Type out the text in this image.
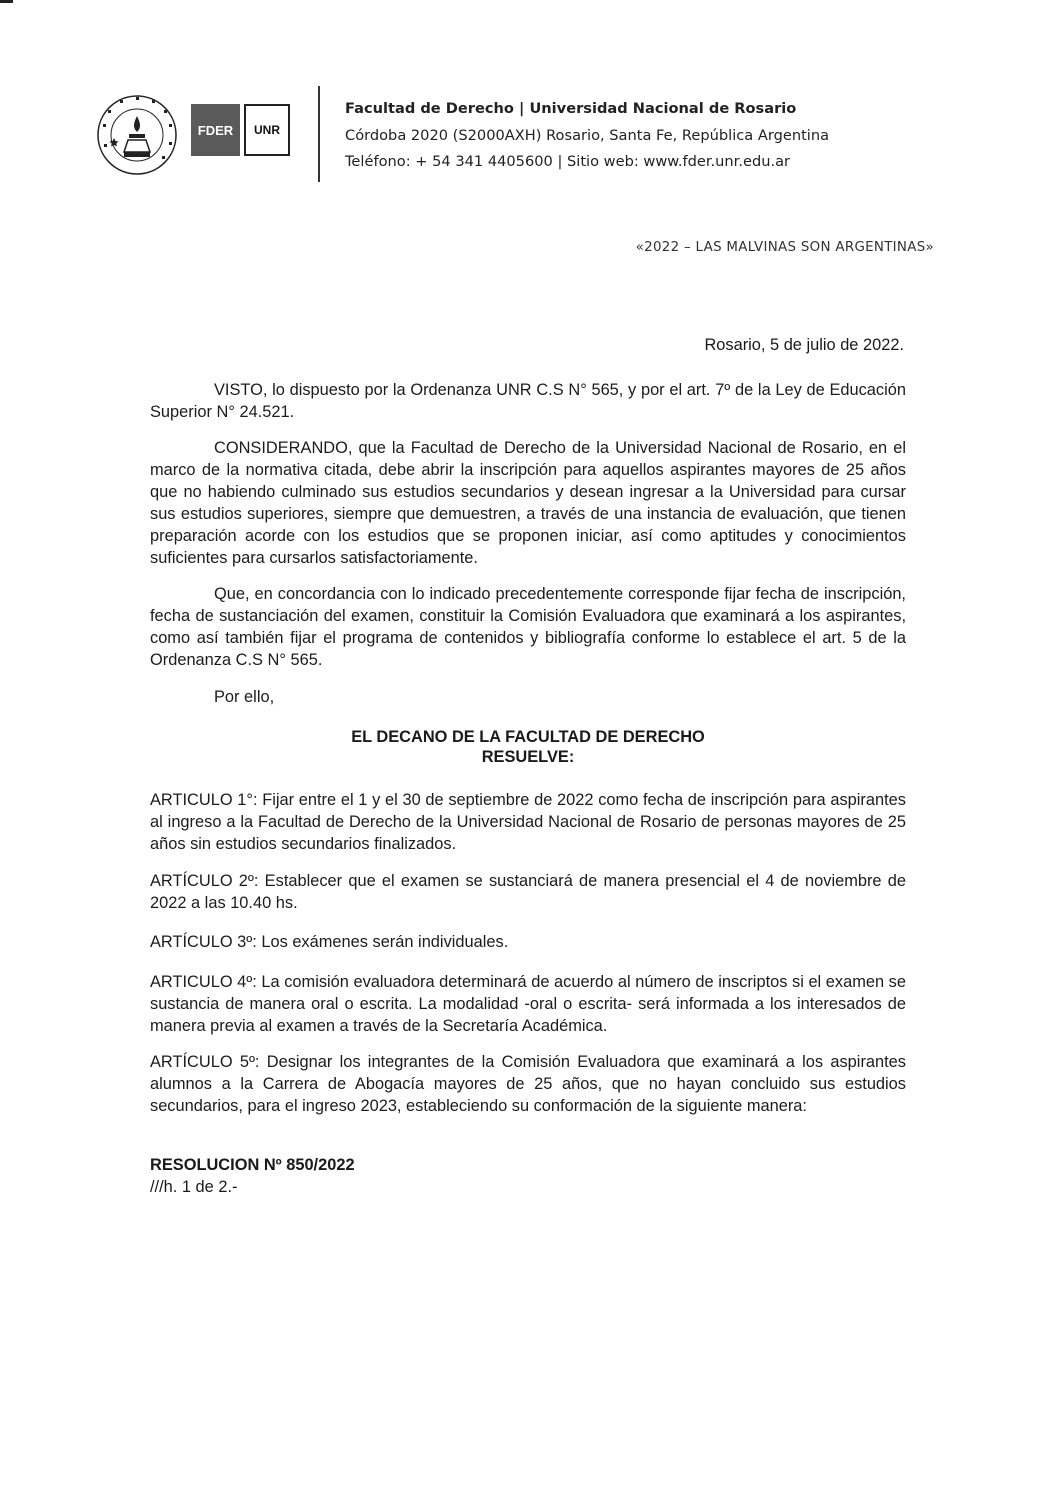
FDER UNR
Facultad de Derecho | Universidad Nacional de Rosario
Córdoba 2020 (S2000AXH) Rosario, Santa Fe, República Argentina
Teléfono: + 54 341 4405600 | Sitio web: www.fder.unr.edu.ar
«2022 – LAS MALVINAS SON ARGENTINAS»
Rosario, 5 de julio de 2022.
VISTO, lo dispuesto por la Ordenanza UNR C.S N° 565, y por el art. 7º de la Ley de Educación Superior N° 24.521.
CONSIDERANDO, que la Facultad de Derecho de la Universidad Nacional de Rosario, en el marco de la normativa citada, debe abrir la inscripción para aquellos aspirantes mayores de 25 años que no habiendo culminado sus estudios secundarios y desean ingresar a la Universidad para cursar sus estudios superiores, siempre que demuestren, a través de una instancia de evaluación, que tienen preparación acorde con los estudios que se proponen iniciar, así como aptitudes y conocimientos suficientes para cursarlos satisfactoriamente.
Que, en concordancia con lo indicado precedentemente corresponde fijar fecha de inscripción, fecha de sustanciación del examen, constituir la Comisión Evaluadora que examinará a los aspirantes, como así también fijar el programa de contenidos y bibliografía conforme lo establece el art. 5 de la Ordenanza C.S N° 565.
Por ello,
EL DECANO DE LA FACULTAD DE DERECHO
RESUELVE:
ARTICULO 1°: Fijar entre el 1 y el 30 de septiembre de 2022 como fecha de inscripción para aspirantes al ingreso a la Facultad de Derecho de la Universidad Nacional de Rosario de personas mayores de 25 años sin estudios secundarios finalizados.
ARTÍCULO 2º: Establecer que el examen se sustanciará de manera presencial el 4 de noviembre de 2022 a las 10.40 hs.
ARTÍCULO 3º: Los exámenes serán individuales.
ARTICULO 4º: La comisión evaluadora determinará de acuerdo al número de inscriptos si el examen se sustancia de manera oral o escrita. La modalidad -oral o escrita- será informada a los interesados de manera previa al examen a través de la Secretaría Académica.
ARTÍCULO 5º: Designar los integrantes de la Comisión Evaluadora que examinará a los aspirantes alumnos a la Carrera de Abogacía mayores de 25 años, que no hayan concluido sus estudios secundarios, para el ingreso 2023, estableciendo su conformación de la siguiente manera:
RESOLUCION Nº 850/2022
///h. 1 de 2.-
